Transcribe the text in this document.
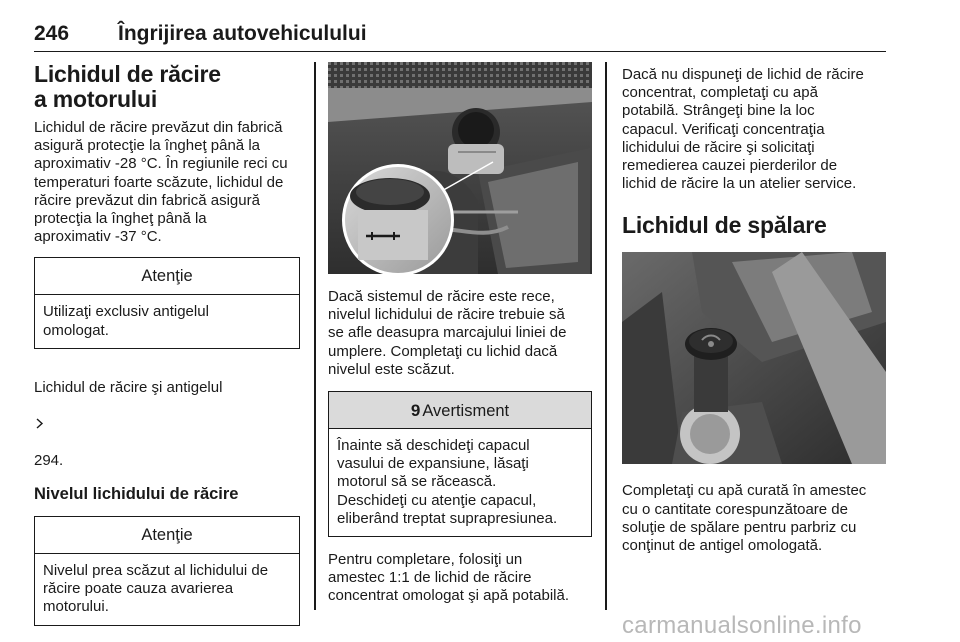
246 Îngrijirea autovehiculului
Lichidul de răcire a motorului
Lichidul de răcire prevăzut din fabrică
asigură protecţie la îngheţ până la
aproximativ -28 °C. În regiunile reci cu
temperaturi foarte scăzute, lichidul de
răcire prevăzut din fabrică asigură
protecţia la îngheţ până la
aproximativ -37 °C.
Atenţie
Utilizaţi exclusiv antigelul
omologat.

Lichidul de răcire şi antigelul

294.

Nivelul lichidului de răcire
Atenţie
Nivelul prea scăzut al lichidului de
răcire poate cauza avarierea
motorului.
Dacă sistemul de răcire este rece,
nivelul lichidului de răcire trebuie să
se afle deasupra marcajului liniei de
umplere. Completaţi cu lichid dacă
nivelul este scăzut.
9 Avertisment
Înainte să deschideţi capacul
vasului de expansiune, lăsaţi
motorul să se răcească.
Deschideţi cu atenţie capacul,
eliberând treptat suprapresiunea.
Pentru completare, folosiţi un
amestec 1:1 de lichid de răcire
concentrat omologat şi apă potabilă.
Dacă nu dispuneţi de lichid de răcire
concentrat, completaţi cu apă
potabilă. Strângeţi bine la loc
capacul. Verificaţi concentraţia
lichidului de răcire şi solicitaţi
remedierea cauzei pierderilor de
lichid de răcire la un atelier service.
Lichidul de spălare
Completaţi cu apă curată în amestec
cu o cantitate corespunzătoare de
soluţie de spălare pentru parbriz cu
conţinut de antigel omologată.
carmanualsonline.info
